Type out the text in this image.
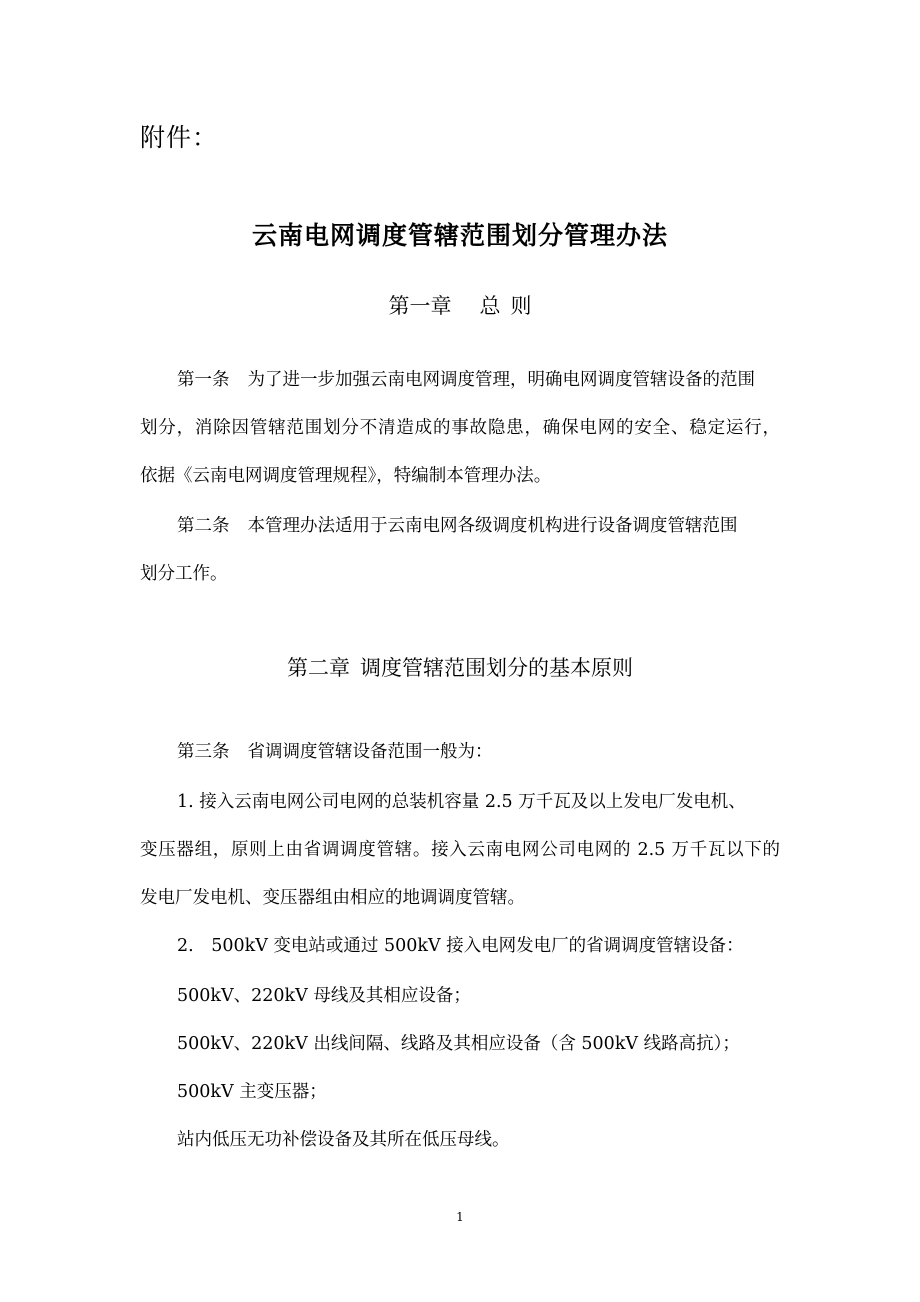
附件：
云南电网调度管辖范围划分管理办法
第一章 总 则
第一条 为了进一步加强云南电网调度管理，明确电网调度管辖设备的范围
划分，消除因管辖范围划分不清造成的事故隐患，确保电网的安全、稳定运行，
依据《云南电网调度管理规程》，特编制本管理办法。
第二条 本管理办法适用于云南电网各级调度机构进行设备调度管辖范围
划分工作。
第二章 调度管辖范围划分的基本原则
第三条 省调调度管辖设备范围一般为：
1. 接入云南电网公司电网的总装机容量 2.5 万千瓦及以上发电厂发电机、
变压器组，原则上由省调调度管辖。接入云南电网公司电网的 2.5 万千瓦以下的
发电厂发电机、变压器组由相应的地调调度管辖。
2.　500kV 变电站或通过 500kV 接入电网发电厂的省调调度管辖设备：
500kV、220kV 母线及其相应设备；
500kV、220kV 出线间隔、线路及其相应设备（含 500kV 线路高抗）；
500kV 主变压器；
站内低压无功补偿设备及其所在低压母线。
1
